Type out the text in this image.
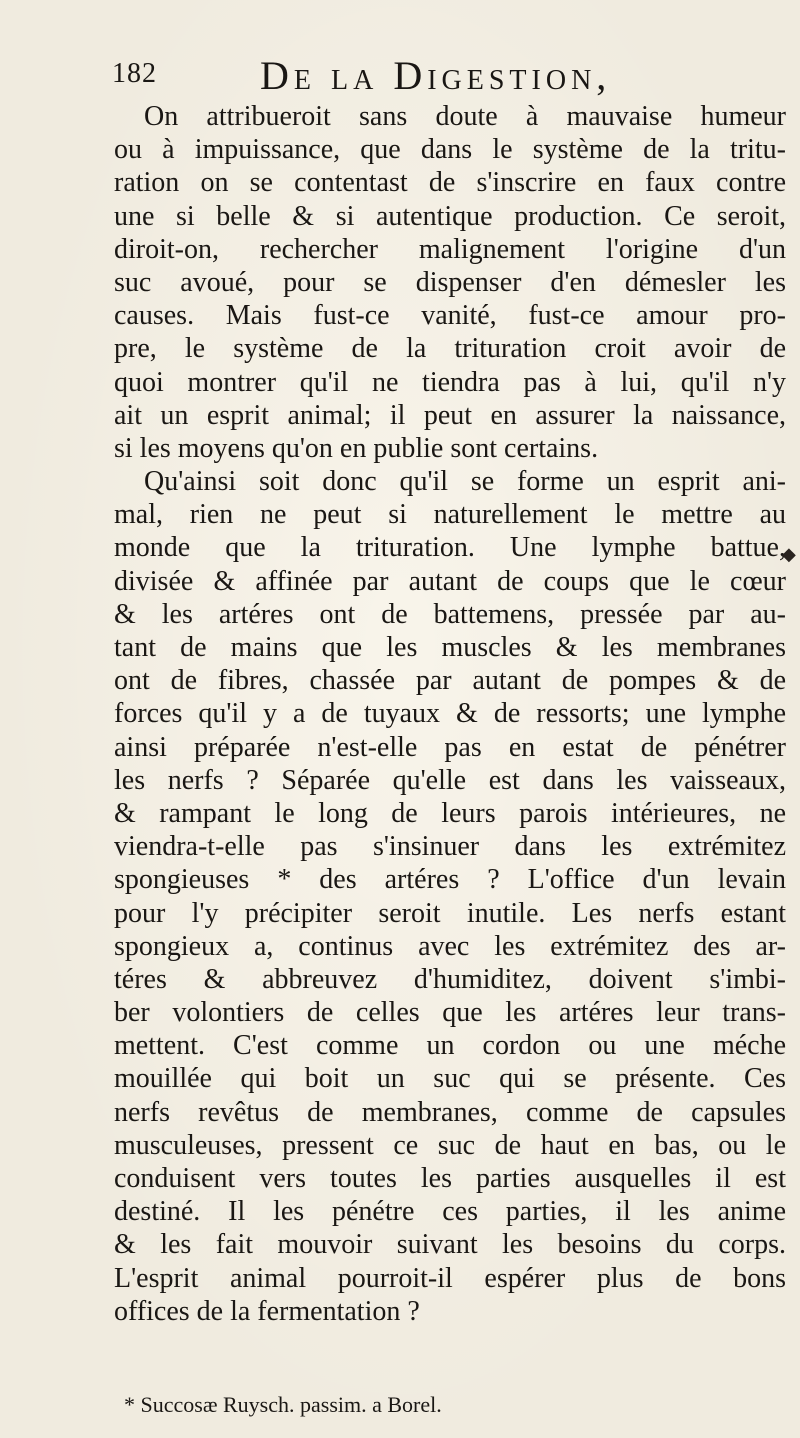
182	De la Digestion,
On attribueroit sans doute à mauvaise humeur
ou à impuissance, que dans le système de la tritu-
ration on se contentast de s'inscrire en faux contre
une si belle & si autentique production. Ce seroit,
diroit-on, rechercher malignement l'origine d'un
suc avoué, pour se dispenser d'en démesler les
causes. Mais fust-ce vanité, fust-ce amour pro-
pre, le système de la trituration croit avoir de
quoi montrer qu'il ne tiendra pas à lui, qu'il n'y
ait un esprit animal; il peut en assurer la naissance,
si les moyens qu'on en publie sont certains.
Qu'ainsi soit donc qu'il se forme un esprit ani-
mal, rien ne peut si naturellement le mettre au
monde que la trituration. Une lymphe battue,
divisée & affinée par autant de coups que le cœur
& les artéres ont de battemens, pressée par au-
tant de mains que les muscles & les membranes
ont de fibres, chassée par autant de pompes & de
forces qu'il y a de tuyaux & de ressorts; une lymphe
ainsi préparée n'est-elle pas en estat de pénétrer
les nerfs ? Séparée qu'elle est dans les vaisseaux,
& rampant le long de leurs parois intérieures, ne
viendra-t-elle pas s'insinuer dans les extrémitez
spongieuses * des artéres ? L'office d'un levain
pour l'y précipiter seroit inutile. Les nerfs estant
spongieux a, continus avec les extrémitez des ar-
téres & abbreuvez d'humiditez, doivent s'imbi-
ber volontiers de celles que les artéres leur trans-
mettent. C'est comme un cordon ou une méche
mouillée qui boit un suc qui se présente. Ces
nerfs revêtus de membranes, comme de capsules
musculeuses, pressent ce suc de haut en bas, ou le
conduisent vers toutes les parties ausquelles il est
destiné. Il les pénétre ces parties, il les anime
& les fait mouvoir suivant les besoins du corps.
L'esprit animal pourroit-il espérer plus de bons
offices de la fermentation ?
* Succosæ Ruysch. passim. a Borel.
◆
